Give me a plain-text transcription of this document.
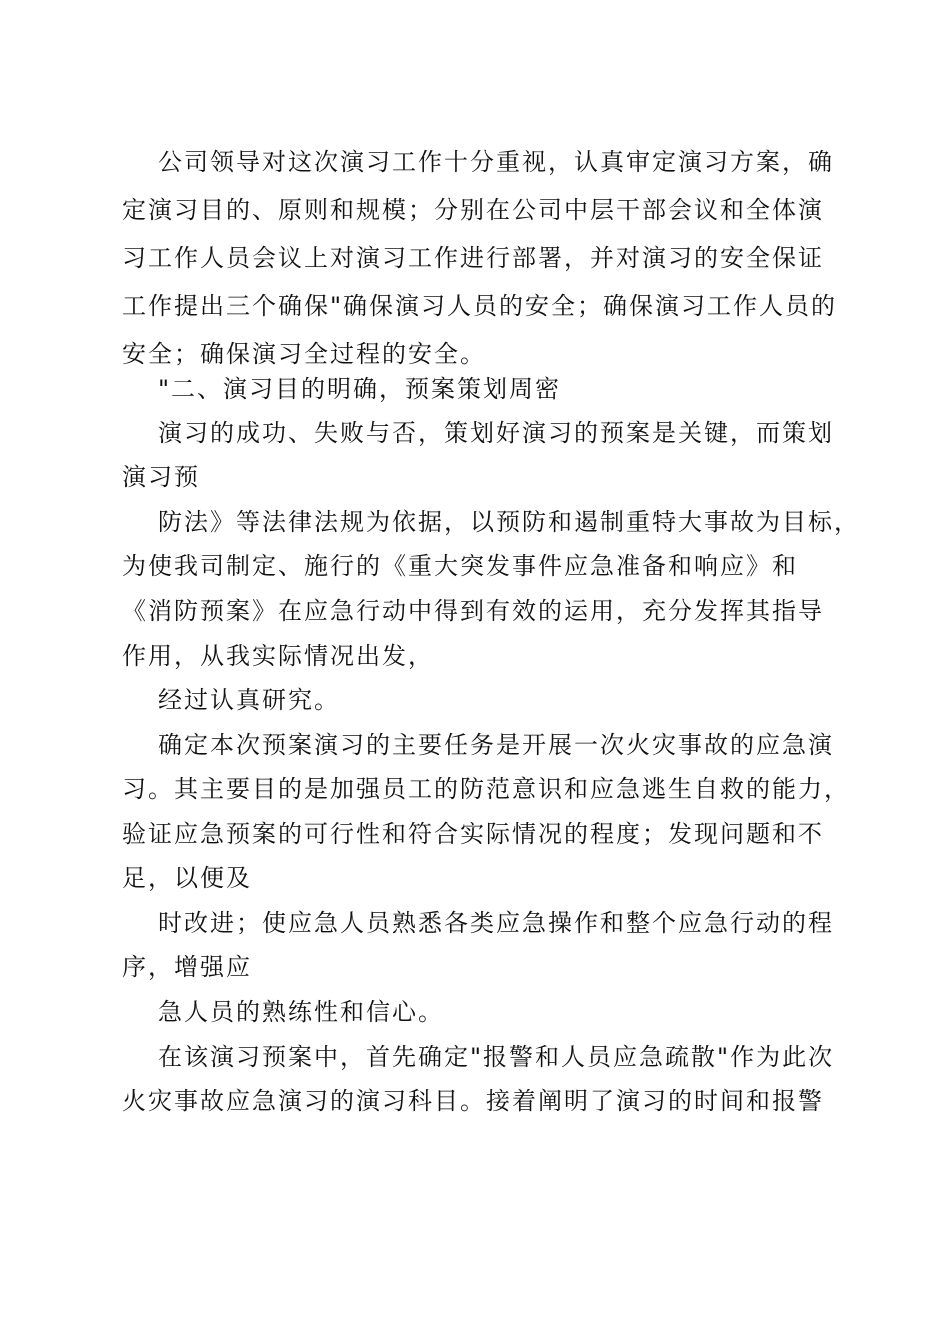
公司领导对这次演习工作十分重视，认真审定演习方案，确
定演习目的、原则和规模；分别在公司中层干部会议和全体演
习工作人员会议上对演习工作进行部署，并对演习的安全保证
工作提出三个确保"确保演习人员的安全；确保演习工作人员的
安全；确保演习全过程的安全。
"二、演习目的明确，预案策划周密
演习的成功、失败与否，策划好演习的预案是关键，而策划
演习预
防法》等法律法规为依据，以预防和遏制重特大事故为目标，
为使我司制定、施行的《重大突发事件应急准备和响应》和
《消防预案》在应急行动中得到有效的运用，充分发挥其指导
作用，从我实际情况出发，
经过认真研究。
确定本次预案演习的主要任务是开展一次火灾事故的应急演
习。其主要目的是加强员工的防范意识和应急逃生自救的能力，
验证应急预案的可行性和符合实际情况的程度；发现问题和不
足，以便及
时改进；使应急人员熟悉各类应急操作和整个应急行动的程
序，增强应
急人员的熟练性和信心。
在该演习预案中，首先确定"报警和人员应急疏散"作为此次
火灾事故应急演习的演习科目。接着阐明了演习的时间和报警
